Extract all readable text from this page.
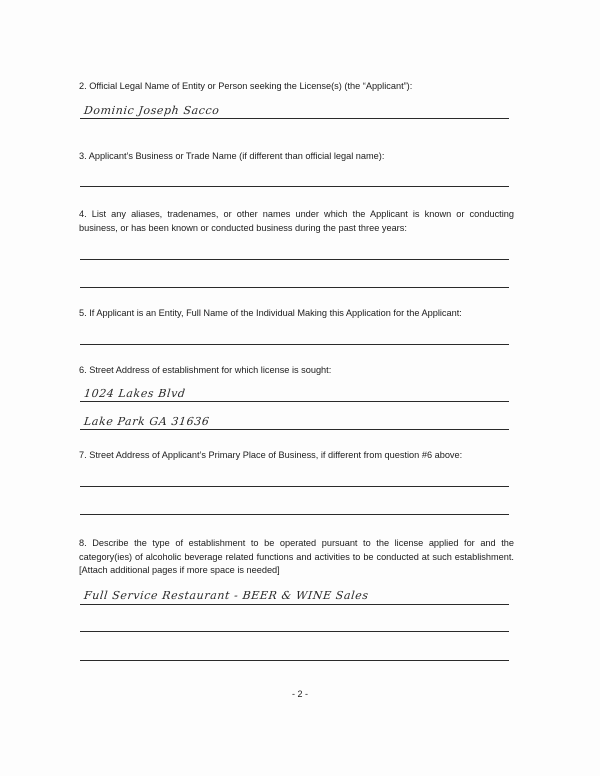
2. Official Legal Name of Entity or Person seeking the License(s) (the “Applicant”):
Dominic Joseph Sacco
3. Applicant’s Business or Trade Name (if different than official legal name):
4. List any aliases, tradenames, or other names under which the Applicant is known or conducting business, or has been known or conducted business during the past three years:
5. If Applicant is an Entity, Full Name of the Individual Making this Application for the Applicant:
6. Street Address of establishment for which license is sought:
1024 Lakes Blvd
Lake Park GA 31636
7. Street Address of Applicant’s Primary Place of Business, if different from question #6 above:
8. Describe the type of establishment to be operated pursuant to the license applied for and the category(ies) of alcoholic beverage related functions and activities to be conducted at such establishment. [Attach additional pages if more space is needed]
Full Service Restaurant - BEER & WINE Sales
- 2 -
